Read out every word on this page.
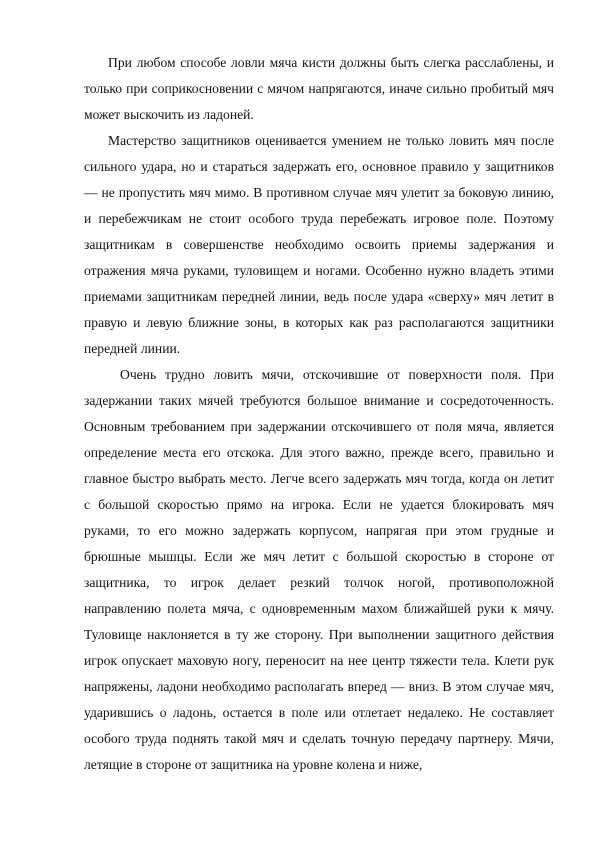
При любом способе ловли мяча кисти должны быть слегка расслаблены, и только при соприкосновении с мячом напрягаются, иначе сильно пробитый мяч может выскочить из ладоней.

Мастерство защитников оценивается умением не только ловить мяч после сильного удара, но и стараться задержать его, основное правило у защитников — не пропустить мяч мимо. В противном случае мяч улетит за боковую линию, и перебежчикам не стоит особого труда перебежать игровое поле. Поэтому защитникам в совершенстве необходимо освоить приемы задержания и отражения мяча руками, туловищем и ногами. Особенно нужно владеть этими приемами защитникам передней линии, ведь после удара «сверху» мяч летит в правую и левую ближние зоны, в которых как раз располагаются защитники передней линии.

Очень трудно ловить мячи, отскочившие от поверхности поля. При задержании таких мячей требуются большое внимание и сосредоточенность. Основным требованием при задержании отскочившего от поля мяча, является определение места его отскока. Для этого важно, прежде всего, правильно и главное быстро выбрать место. Легче всего задержать мяч тогда, когда он летит с большой скоростью прямо на игрока. Если не удается блокировать мяч руками, то его можно задержать корпусом, напрягая при этом грудные и брюшные мышцы. Если же мяч летит с большой скоростью в стороне от защитника, то игрок делает резкий толчок ногой, противоположной направлению полета мяча, с одновременным махом ближайшей руки к мячу. Туловище наклоняется в ту же сторону. При выполнении защитного действия игрок опускает маховую ногу, переносит на нее центр тяжести тела. Клети рук напряжены, ладони необходимо располагать вперед — вниз. В этом случае мяч, ударившись о ладонь, остается в поле или отлетает недалеко. Не составляет особого труда поднять такой мяч и сделать точную передачу партнеру. Мячи, летящие в стороне от защитника на уровне колена и ниже,
